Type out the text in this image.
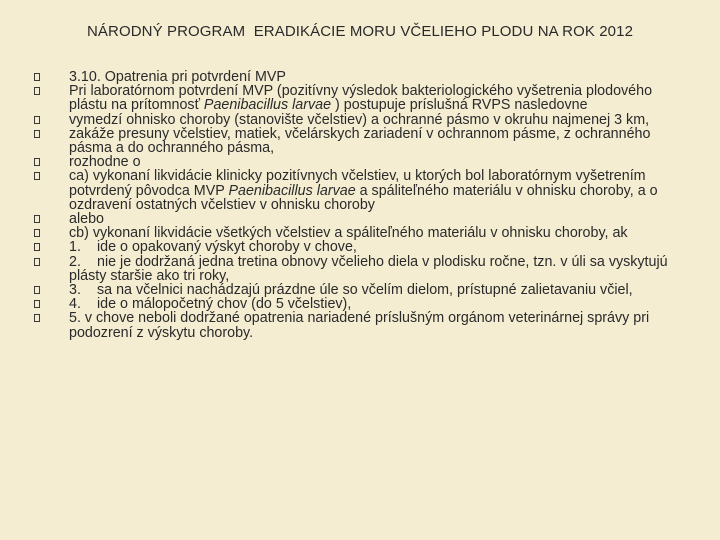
NÁRODNÝ PROGRAM  ERADIKÁCIE MORU VČELIEHO PLODU NA ROK 2012
3.10. Opatrenia pri potvrdení MVP
Pri laboratórnom potvrdení MVP (pozitívny výsledok bakteriologického vyšetrenia plodového plástu na prítomnosť Paenibacillus larvae ) postupuje príslušná RVPS nasledovne
vymedzí ohnisko choroby (stanovište včelstiev) a ochranné pásmo v okruhu najmenej 3 km,
zakáže presuny včelstiev, matiek, včelárskych zariadení v ochrannom pásme, z ochranného pásma a do ochranného pásma,
rozhodne o
ca) vykonaní likvidácie klinicky pozitívnych včelstiev, u ktorých bol laboratórnym vyšetrením potvrdený pôvodca MVP Paenibacillus larvae a spáliteľného materiálu v ohnisku choroby, a o ozdravení ostatných včelstiev v ohnisku choroby
alebo
cb) vykonaní likvidácie všetkých včelstiev a spáliteľného materiálu v ohnisku choroby, ak
1. ide o opakovaný výskyt choroby v chove,
2. nie je dodržaná jedna tretina obnovy včelieho diela v plodisku ročne, tzn. v úli sa vyskytujú plásty staršie ako tri roky,
3. sa na včelnici nachádzajú prázdne úle so včelím dielom, prístupné zalietavaniu včiel,
4. ide o málopočetný chov (do 5 včelstiev),
5. v chove neboli dodržané opatrenia nariadené príslušným orgánom veterinárnej správy pri podozrení z výskytu choroby.
